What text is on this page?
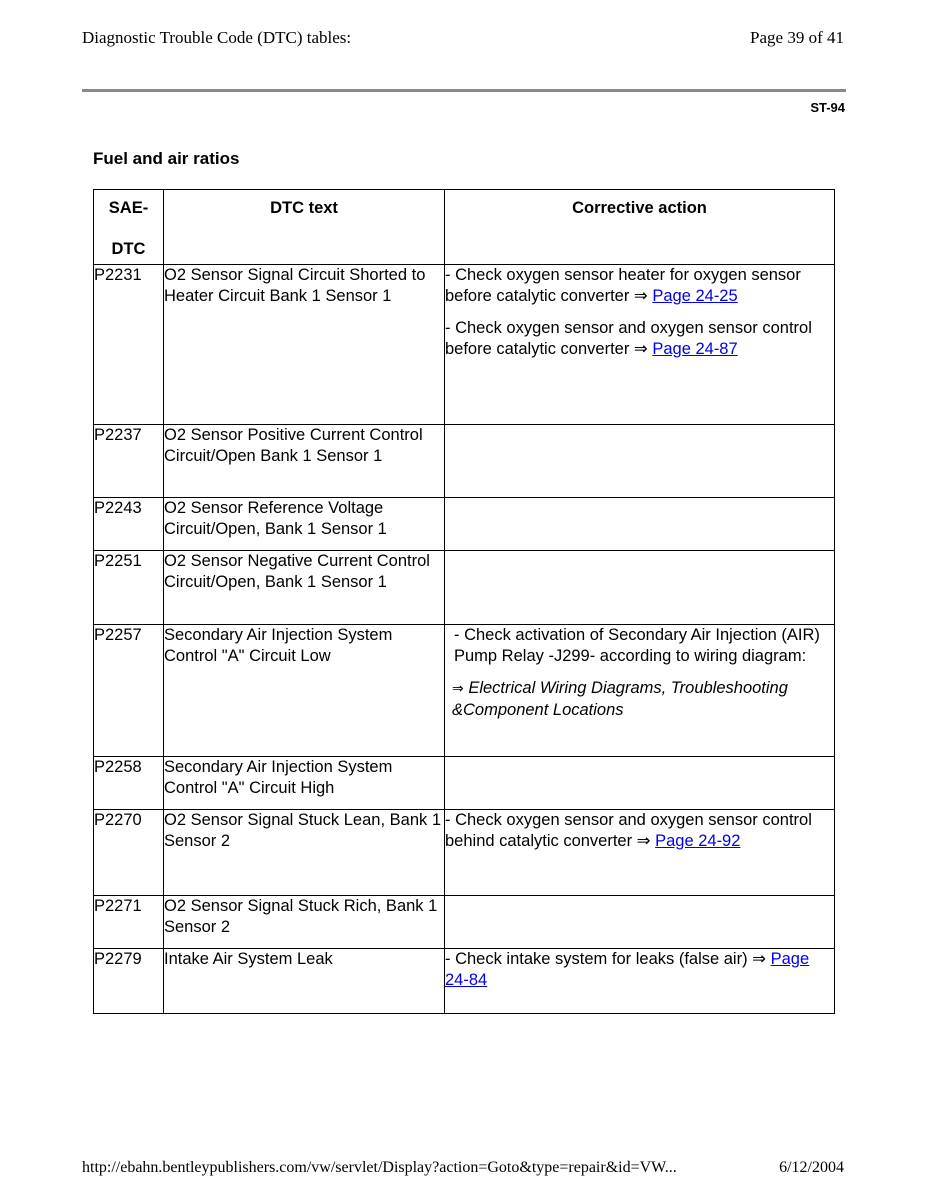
Diagnostic Trouble Code (DTC) tables:	Page 39 of 41
ST-94
Fuel and air ratios
SAE-
DTC	DTC text	Corrective action
P2231	O2 Sensor Signal Circuit Shorted to Heater Circuit Bank 1 Sensor 1	- Check oxygen sensor heater for oxygen sensor before catalytic converter ⇒ Page 24-25

- Check oxygen sensor and oxygen sensor control before catalytic converter ⇒ Page 24-87

P2237	O2 Sensor Positive Current Control Circuit/Open Bank 1 Sensor 1	
P2243	O2 Sensor Reference Voltage Circuit/Open, Bank 1 Sensor 1	
P2251	O2 Sensor Negative Current Control Circuit/Open, Bank 1 Sensor 1	
P2257	Secondary Air Injection System Control "A" Circuit Low	- Check activation of Secondary Air Injection (AIR) Pump Relay -J299- according to wiring diagram:

⇒ Electrical Wiring Diagrams, Troubleshooting &Component Locations

P2258	Secondary Air Injection System Control "A" Circuit High	
P2270	O2 Sensor Signal Stuck Lean, Bank 1 Sensor 2	- Check oxygen sensor and oxygen sensor control behind catalytic converter ⇒ Page 24-92

P2271	O2 Sensor Signal Stuck Rich, Bank 1 Sensor 2	
P2279	Intake Air System Leak	- Check intake system for leaks (false air) ⇒ Page 24-84

http://ebahn.bentleypublishers.com/vw/servlet/Display?action=Goto&type=repair&id=VW...	6/12/2004
